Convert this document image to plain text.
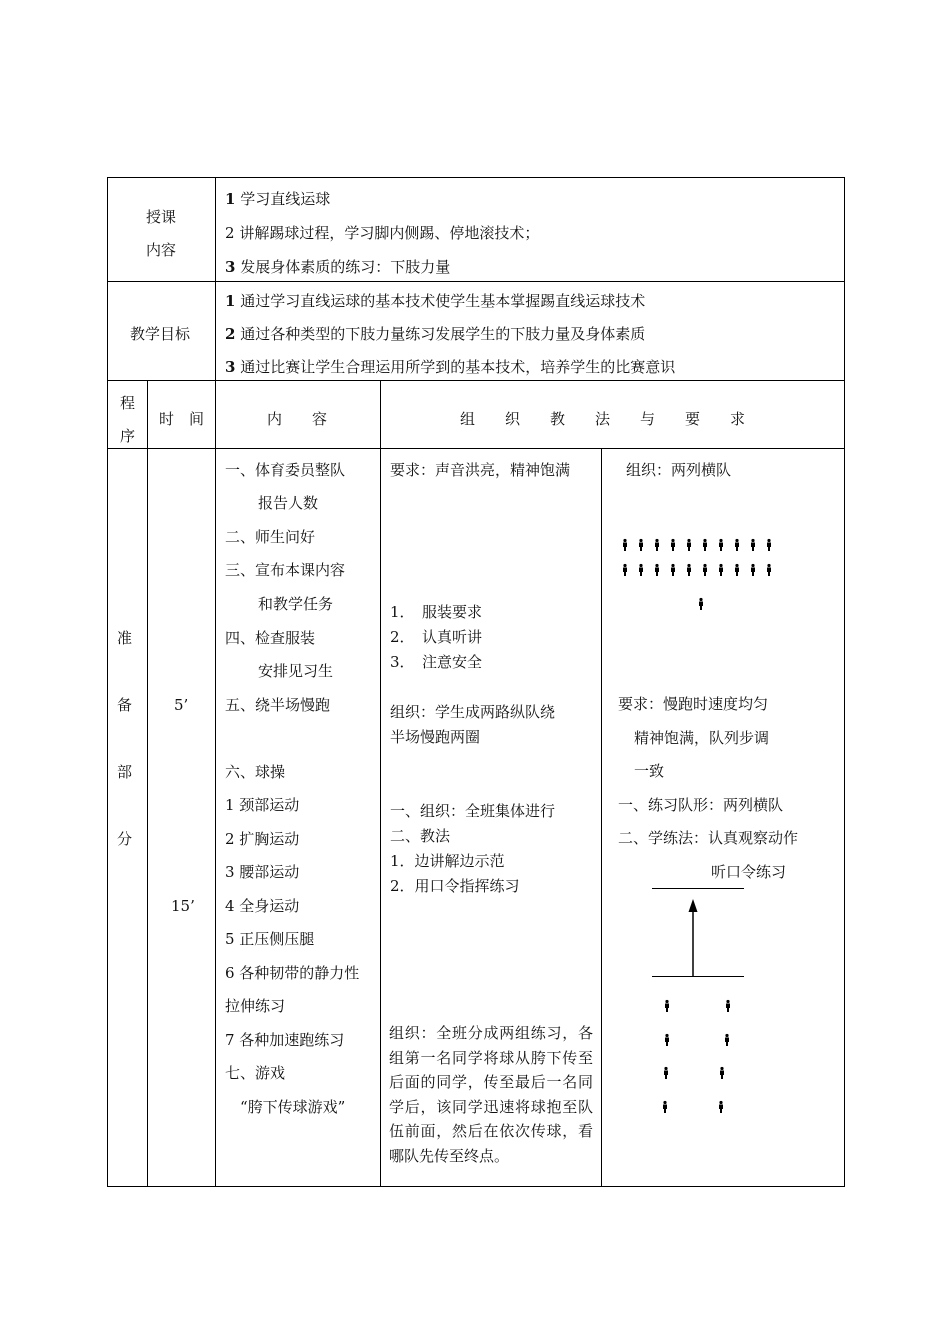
授课
内容
1 学习直线运球
2 讲解踢球过程，学习脚内侧踢、停地滚技术；
3 发展身体素质的练习：下肢力量
教学目标
1 通过学习直线运球的基本技术使学生基本掌握踢直线运球技术
2 通过各种类型的下肢力量练习发展学生的下肢力量及身体素质
3 通过比赛让学生合理运用所学到的基本技术，培养学生的比赛意识
程
序
时　间	内　　容	组　　织　　教　　法　　与　　要　　求
准
备
部
分
5’
15’
一、体育委员整队
报告人数
二、师生问好
三、宣布本课内容
和教学任务
四、检查服装
安排见习生
五、绕半场慢跑
六、球操
1 颈部运动
2 扩胸运动
3 腰部运动
4 全身运动
5 正压侧压腿
6 各种韧带的静力性
拉伸练习
7 各种加速跑练习
七、游戏
“胯下传球游戏”
要求：声音洪亮，精神饱满
1．　服装要求
2．　认真听讲
3．　注意安全
组织：学生成两路纵队绕
半场慢跑两圈
一、组织：全班集体进行
二、教法
1．边讲解边示范
2．用口令指挥练习
组织：全班分成两组练习，各组第一名同学将球从胯下传至后面的同学，传至最后一名同学后，该同学迅速将球抱至队伍前面，然后在依次传球，看哪队先传至终点。
组织：两列横队
要求：慢跑时速度均匀
精神饱满，队列步调
一致
一、练习队形：两列横队
二、学练法：认真观察动作
听口令练习
